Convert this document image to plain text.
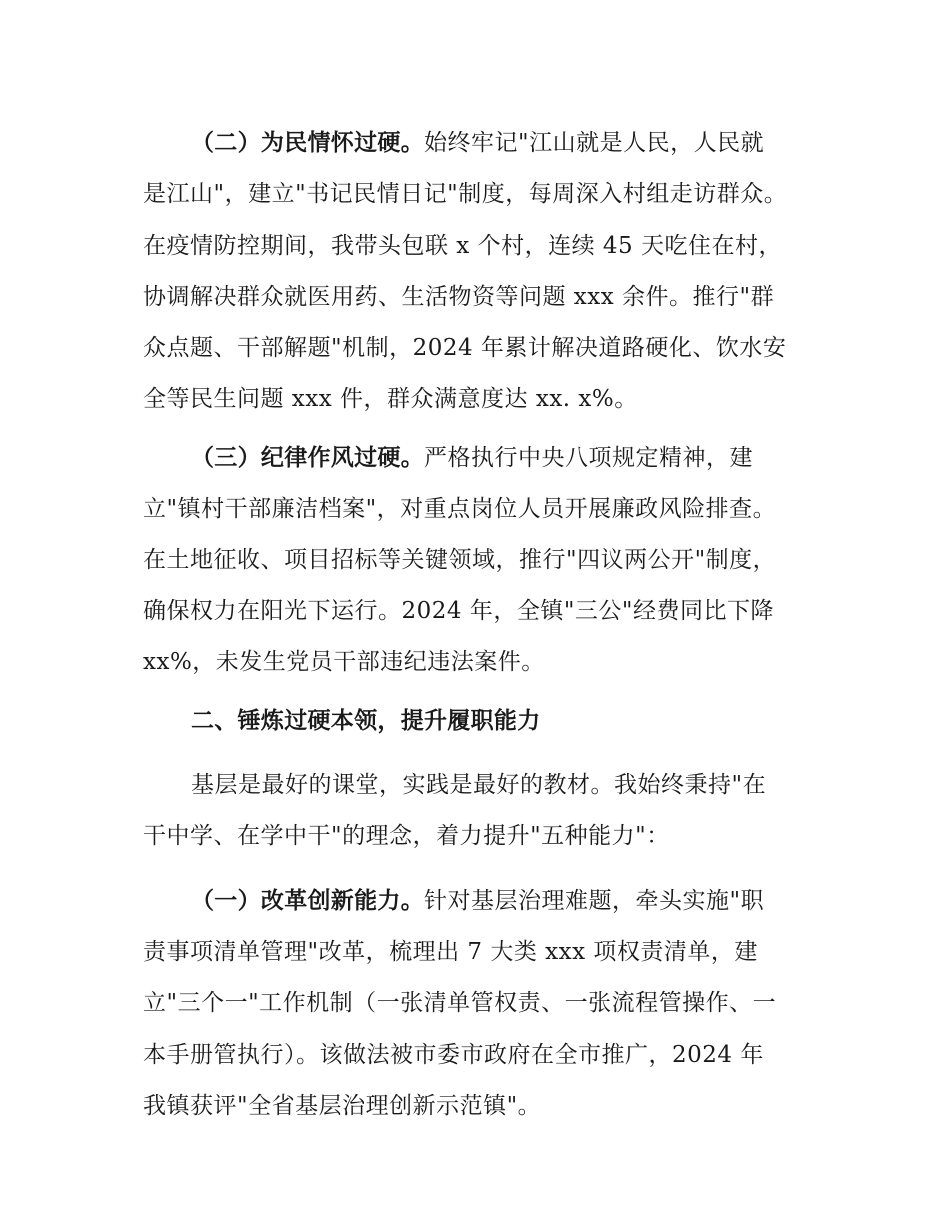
（二）为民情怀过硬。始终牢记"江山就是人民，人民就
是江山"，建立"书记民情日记"制度，每周深入村组走访群众。
在疫情防控期间，我带头包联 x 个村，连续 45 天吃住在村，
协调解决群众就医用药、生活物资等问题 xxx 余件。推行"群
众点题、干部解题"机制，2024 年累计解决道路硬化、饮水安
全等民生问题 xxx 件，群众满意度达 xx. x%。
（三）纪律作风过硬。严格执行中央八项规定精神，建
立"镇村干部廉洁档案"，对重点岗位人员开展廉政风险排查。
在土地征收、项目招标等关键领域，推行"四议两公开"制度，
确保权力在阳光下运行。2024 年，全镇"三公"经费同比下降
xx%，未发生党员干部违纪违法案件。
二、锤炼过硬本领，提升履职能力
基层是最好的课堂，实践是最好的教材。我始终秉持"在
干中学、在学中干"的理念，着力提升"五种能力"：
（一）改革创新能力。针对基层治理难题，牵头实施"职
责事项清单管理"改革，梳理出 7 大类 xxx 项权责清单，建
立"三个一"工作机制（一张清单管权责、一张流程管操作、一
本手册管执行）。该做法被市委市政府在全市推广，2024 年
我镇获评"全省基层治理创新示范镇"。
